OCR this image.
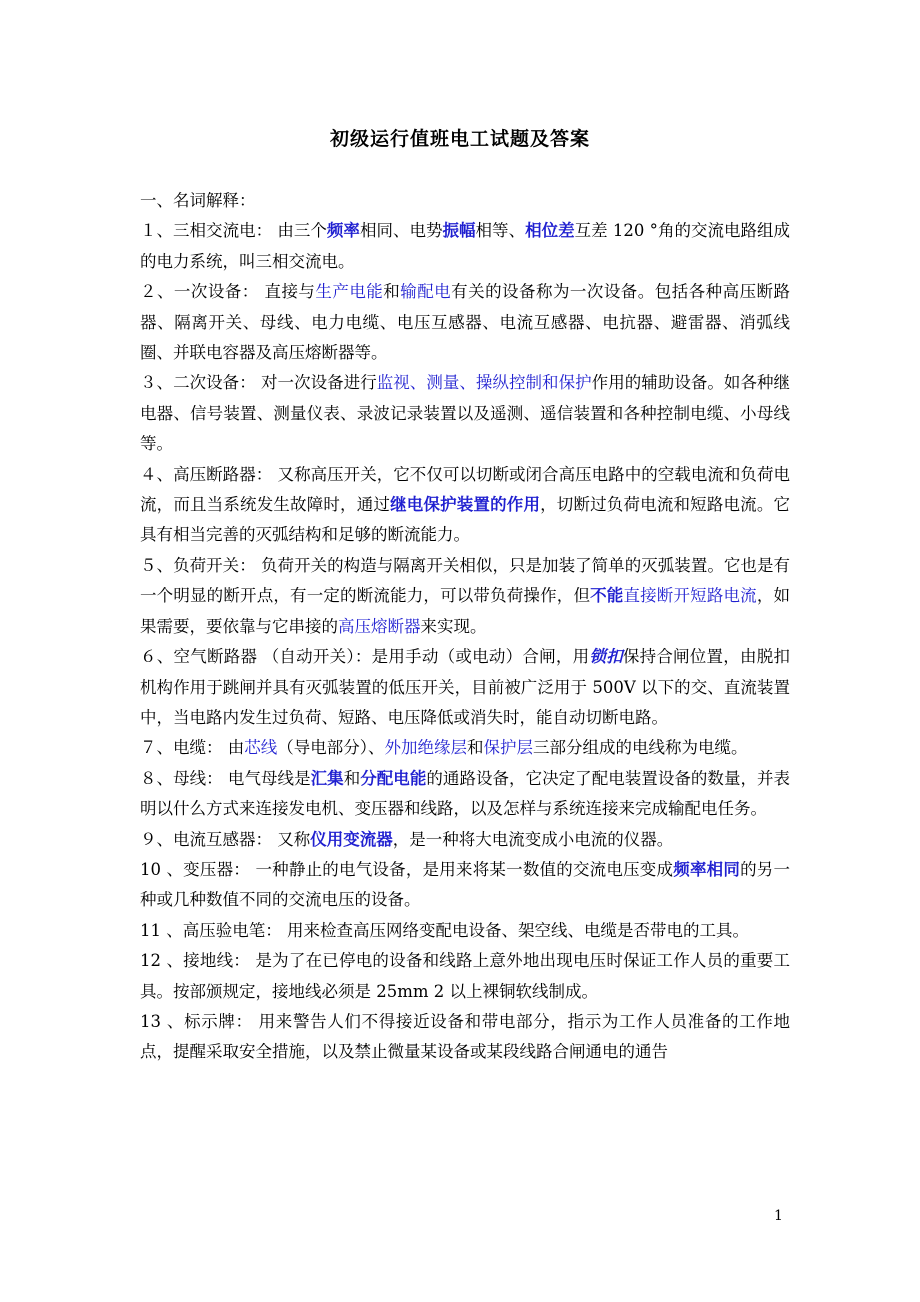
初级运行值班电工试题及答案

一、名词解释：

１、三相交流电： 由三个频率相同、电势振幅相等、相位差互差 120 °角的交流电路组成的电力系统，叫三相交流电。

２、一次设备： 直接与生产电能和输配电有关的设备称为一次设备。包括各种高压断路器、隔离开关、母线、电力电缆、电压互感器、电流互感器、电抗器、避雷器、消弧线圈、并联电容器及高压熔断器等。

３、二次设备： 对一次设备进行监视、测量、操纵控制和保护作用的辅助设备。如各种继电器、信号装置、测量仪表、录波记录装置以及遥测、遥信装置和各种控制电缆、小母线等。

４、高压断路器： 又称高压开关，它不仅可以切断或闭合高压电路中的空载电流和负荷电流，而且当系统发生故障时，通过继电保护装置的作用，切断过负荷电流和短路电流。它具有相当完善的灭弧结构和足够的断流能力。

５、负荷开关： 负荷开关的构造与隔离开关相似，只是加装了简单的灭弧装置。它也是有一个明显的断开点，有一定的断流能力，可以带负荷操作，但不能直接断开短路电流，如果需要，要依靠与它串接的高压熔断器来实现。

６、空气断路器 （自动开关）：是用手动（或电动）合闸，用锁扣保持合闸位置，由脱扣机构作用于跳闸并具有灭弧装置的低压开关，目前被广泛用于 500V 以下的交、直流装置中，当电路内发生过负荷、短路、电压降低或消失时，能自动切断电路。

７、电缆： 由芯线（导电部分）、外加绝缘层和保护层三部分组成的电线称为电缆。

８、母线： 电气母线是汇集和分配电能的通路设备，它决定了配电装置设备的数量，并表明以什么方式来连接发电机、变压器和线路，以及怎样与系统连接来完成输配电任务。

９、电流互感器： 又称仪用变流器，是一种将大电流变成小电流的仪器。

10 、变压器： 一种静止的电气设备，是用来将某一数值的交流电压变成频率相同的另一种或几种数值不同的交流电压的设备。

11 、高压验电笔： 用来检查高压网络变配电设备、架空线、电缆是否带电的工具。

12 、接地线： 是为了在已停电的设备和线路上意外地出现电压时保证工作人员的重要工具。按部颁规定，接地线必须是 25mm 2 以上裸铜软线制成。

13 、标示牌： 用来警告人们不得接近设备和带电部分，指示为工作人员准备的工作地点，提醒采取安全措施，以及禁止微量某设备或某段线路合闸通电的通告

1
